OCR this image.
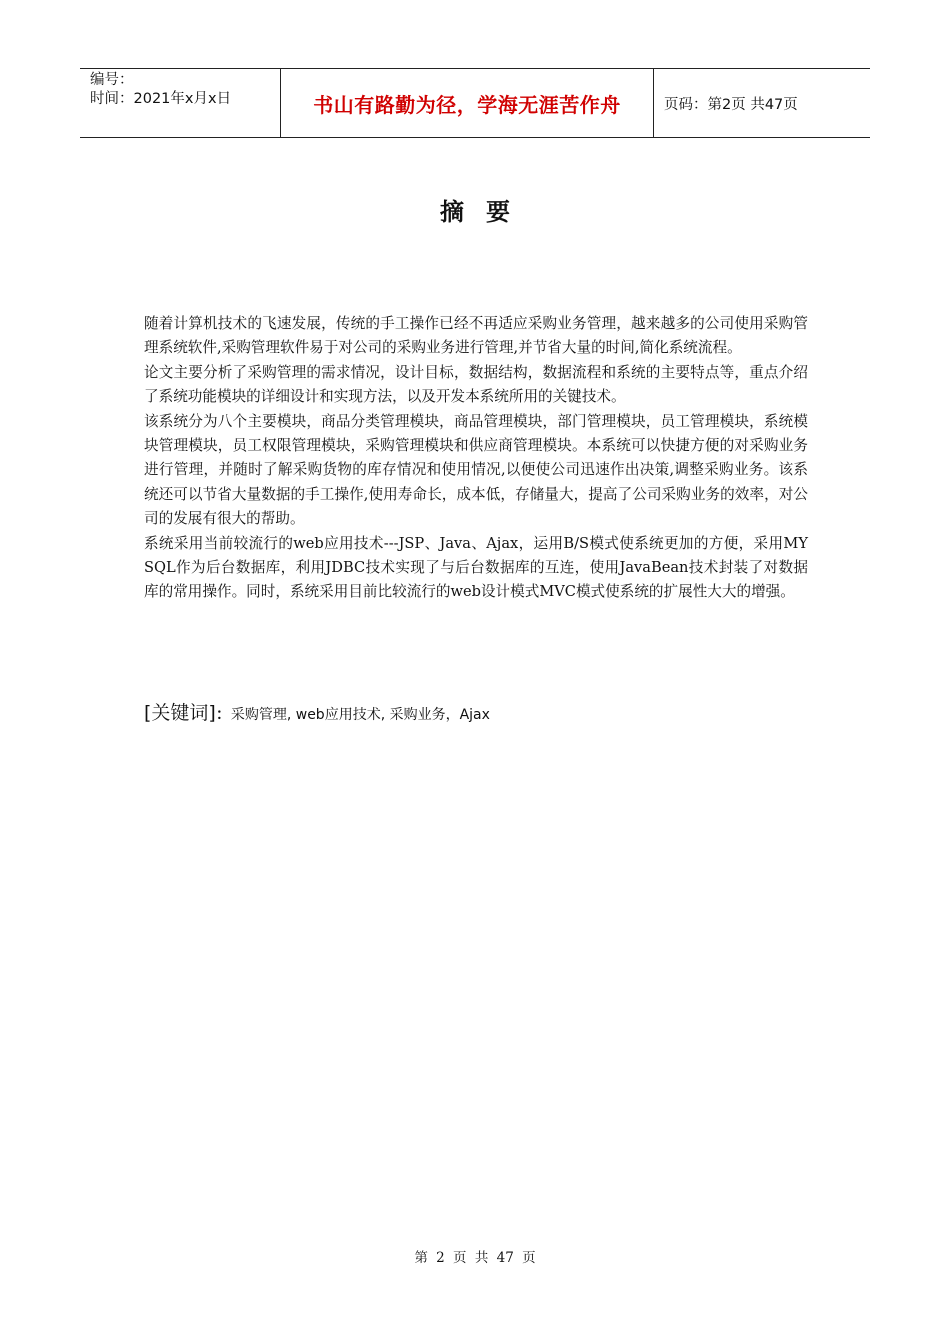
编号：
时间：2021年x月x日	书山有路勤为径，学海无涯苦作舟	页码：第2页 共47页
摘要

随着计算机技术的飞速发展，传统的手工操作已经不再适应采购业务管理，越来越多的公司使用采购管理系统软件,采购管理软件易于对公司的采购业务进行管理,并节省大量的时间,简化系统流程。

论文主要分析了采购管理的需求情况，设计目标，数据结构，数据流程和系统的主要特点等，重点介绍了系统功能模块的详细设计和实现方法，以及开发本系统所用的关键技术。

该系统分为八个主要模块，商品分类管理模块，商品管理模块，部门管理模块，员工管理模块，系统模块管理模块，员工权限管理模块，采购管理模块和供应商管理模块。本系统可以快捷方便的对采购业务进行管理，并随时了解采购货物的库存情况和使用情况,以便使公司迅速作出决策,调整采购业务。该系统还可以节省大量数据的手工操作,使用寿命长，成本低，存储量大，提高了公司采购业务的效率，对公司的发展有很大的帮助。

系统采用当前较流行的web应用技术---JSP、Java、Ajax，运用B/S模式使系统更加的方便，采用MY SQL作为后台数据库，利用JDBC技术实现了与后台数据库的互连，使用JavaBean技术封装了对数据库的常用操作。同时，系统采用目前比较流行的web设计模式MVC模式使系统的扩展性大大的增强。

[关键词]：采购管理, web应用技术, 采购业务，Ajax
第 2 页 共 47 页
